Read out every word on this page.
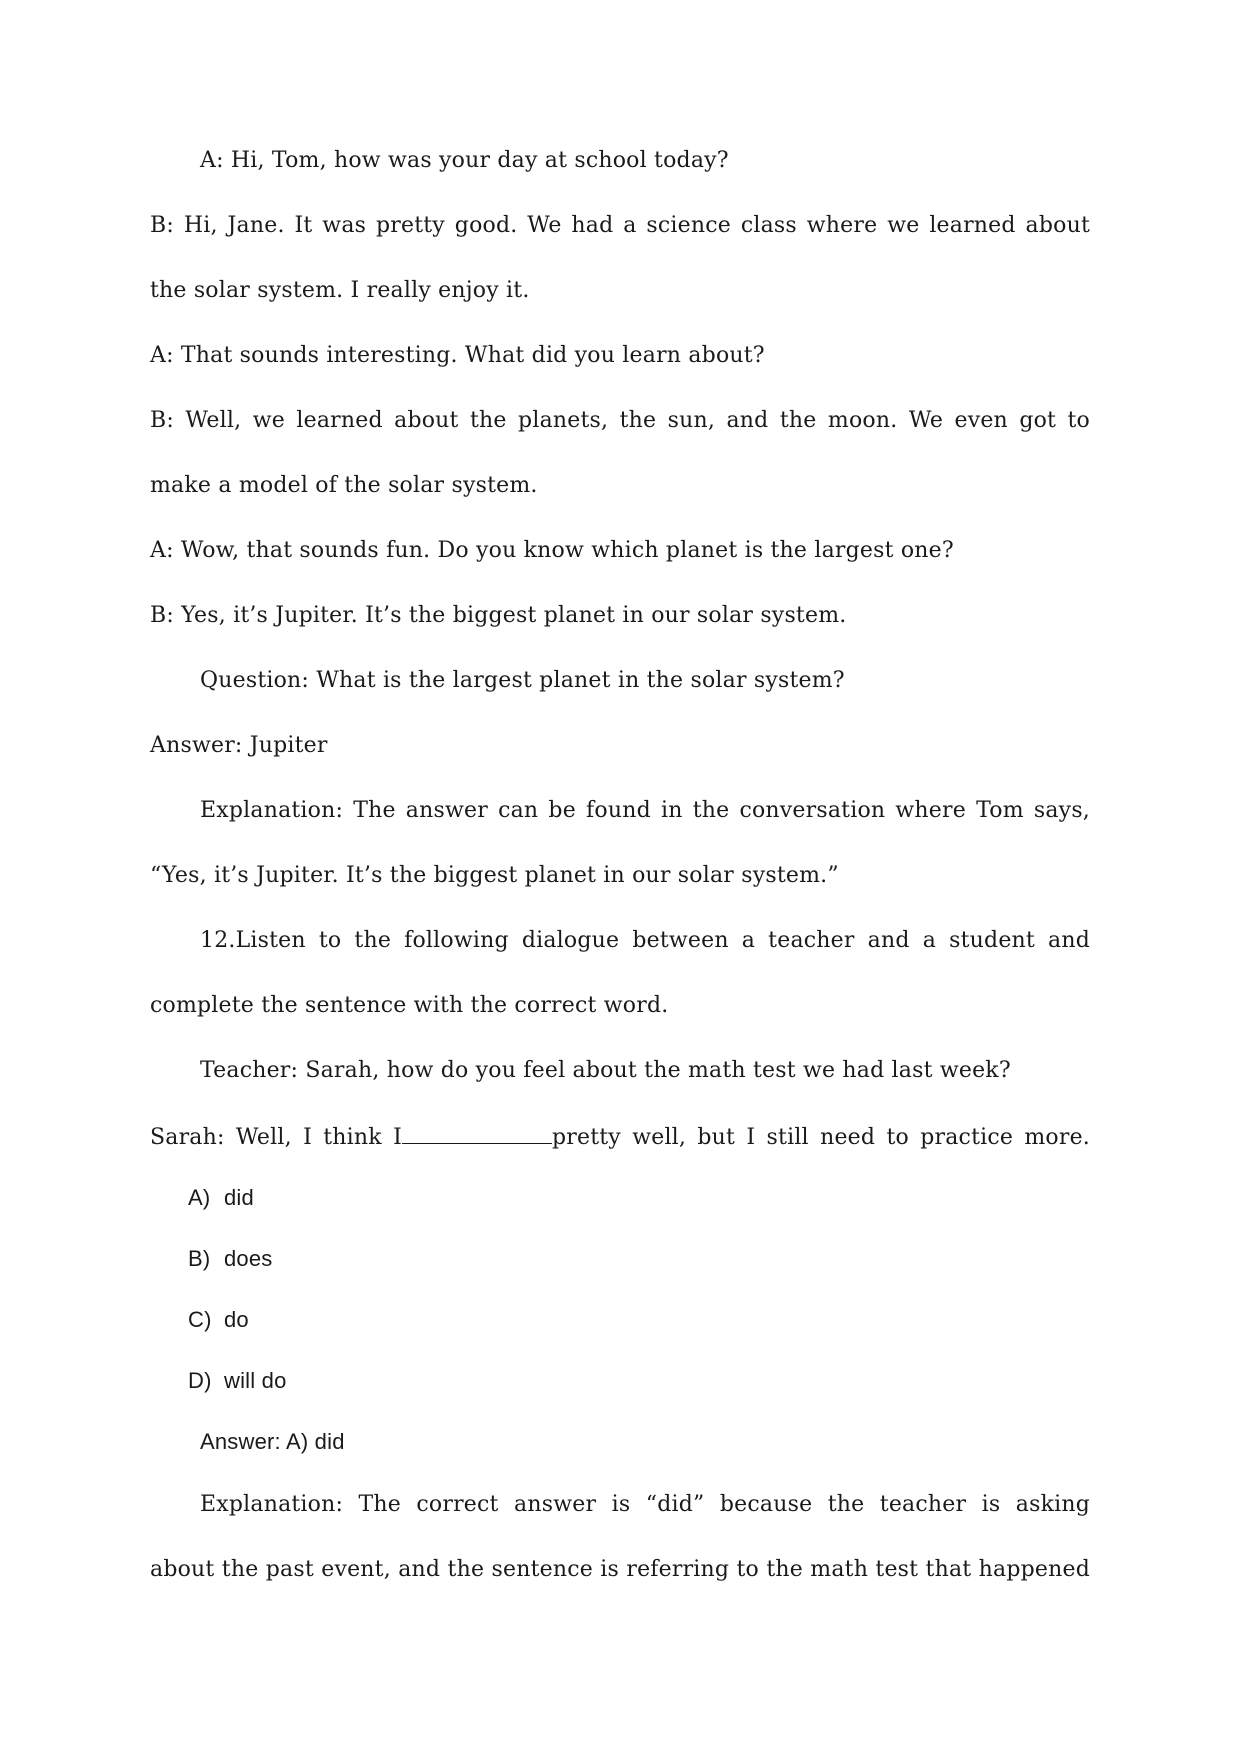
A: Hi, Tom, how was your day at school today?
B: Hi, Jane. It was pretty good. We had a science class where we learned about
the solar system. I really enjoy it.
A: That sounds interesting. What did you learn about?
B: Well, we learned about the planets, the sun, and the moon. We even got to
make a model of the solar system.
A: Wow, that sounds fun. Do you know which planet is the largest one?
B: Yes, it’s Jupiter. It’s the biggest planet in our solar system.
Question: What is the largest planet in the solar system?
Answer: Jupiter
Explanation: The answer can be found in the conversation where Tom says,
“Yes, it’s Jupiter. It’s the biggest planet in our solar system.”
12.Listen to the following dialogue between a teacher and a student and
complete the sentence with the correct word.
Teacher: Sarah, how do you feel about the math test we had last week?
Sarah: Well, I think I	pretty well, but I still need to practice more.
A) did
B) does
C) do
D) will do
Answer: A) did
Explanation: The correct answer is “did” because the teacher is asking
about the past event, and the sentence is referring to the math test that happened
